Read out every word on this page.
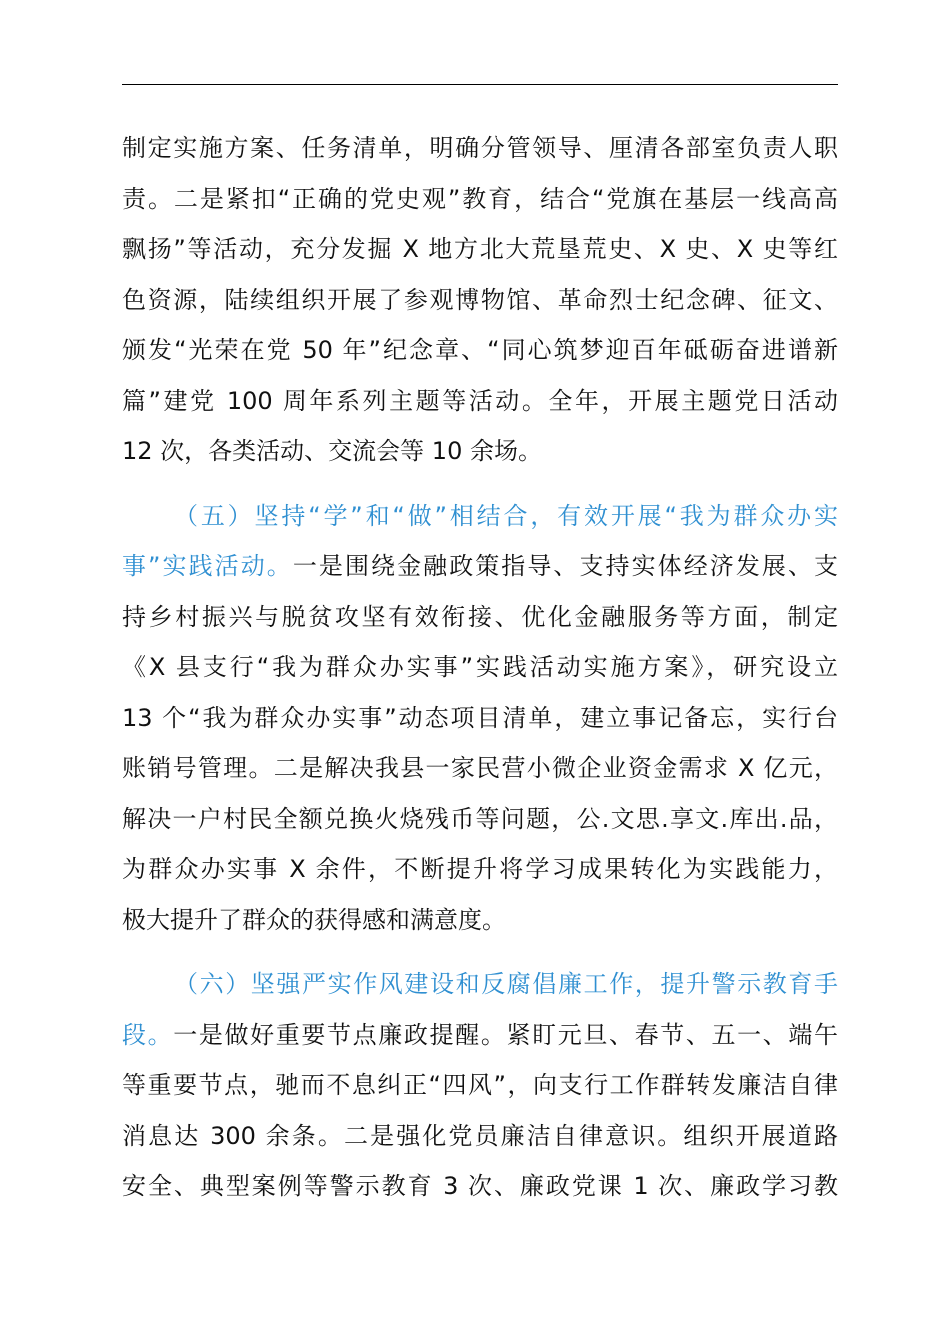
制定实施方案、任务清单，明确分管领导、厘清各部室负责人职
责。二是紧扣“正确的党史观”教育，结合“党旗在基层一线高高
飘扬”等活动，充分发掘 X 地方北大荒垦荒史、X 史、X 史等红
色资源，陆续组织开展了参观博物馆、革命烈士纪念碑、征文、
颁发“光荣在党 50 年”纪念章、“同心筑梦迎百年砥砺奋进谱新
篇”建党 100 周年系列主题等活动。全年，开展主题党日活动
12 次，各类活动、交流会等 10 余场。
（五）坚持“学”和“做”相结合，有效开展“我为群众办实
事”实践活动。一是围绕金融政策指导、支持实体经济发展、支
持乡村振兴与脱贫攻坚有效衔接、优化金融服务等方面，制定
《X 县支行“我为群众办实事”实践活动实施方案》，研究设立
13 个“我为群众办实事”动态项目清单，建立事记备忘，实行台
账销号管理。二是解决我县一家民营小微企业资金需求 X 亿元，
解决一户村民全额兑换火烧残币等问题，公.文思.享文.库出.品，
为群众办实事 X 余件，不断提升将学习成果转化为实践能力，
极大提升了群众的获得感和满意度。
（六）坚强严实作风建设和反腐倡廉工作，提升警示教育手
段。一是做好重要节点廉政提醒。紧盯元旦、春节、五一、端午
等重要节点，驰而不息纠正“四风”，向支行工作群转发廉洁自律
消息达 300 余条。二是强化党员廉洁自律意识。组织开展道路
安全、典型案例等警示教育 3 次、廉政党课 1 次、廉政学习教
